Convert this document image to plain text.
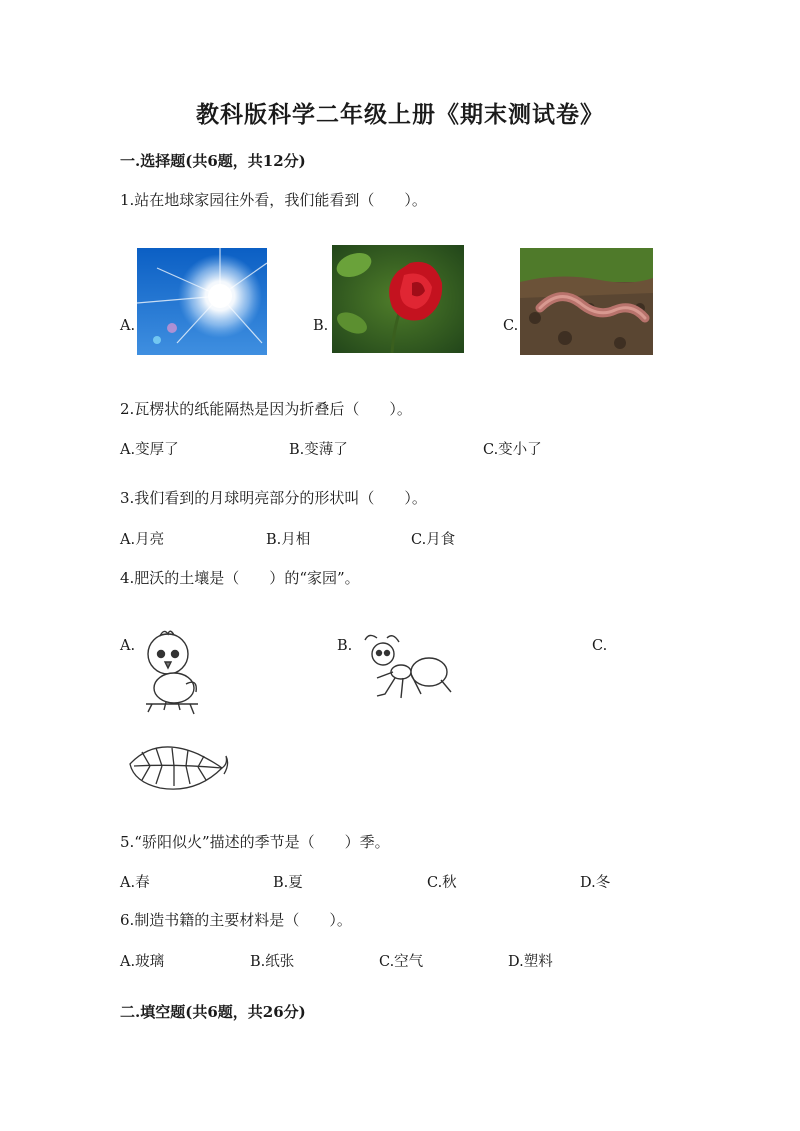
教科版科学二年级上册《期末测试卷》
一.选择题(共6题，共12分)
1.站在地球家园往外看，我们能看到（　　）。
A.	B.	C.
2.瓦楞状的纸能隔热是因为折叠后（　　）。
A.变厚了	B.变薄了	C.变小了
3.我们看到的月球明亮部分的形状叫（　　）。
A.月亮	B.月相	C.月食
4.肥沃的土壤是（　　）的“家园”。
A.	B.	C.
5.“骄阳似火”描述的季节是（　　）季。
A.春	B.夏	C.秋	D.冬
6.制造书籍的主要材料是（　　）。
A.玻璃	B.纸张	C.空气	D.塑料
二.填空题(共6题，共26分)
